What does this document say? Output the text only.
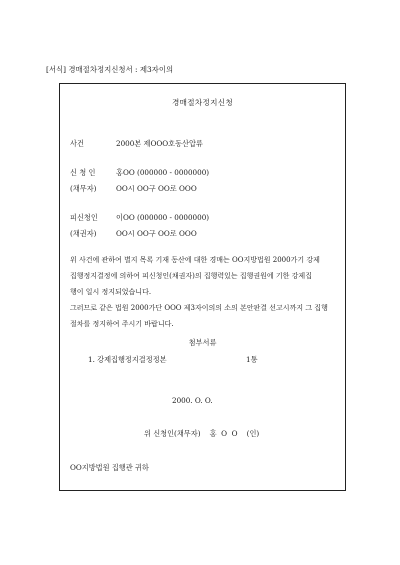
[서식] 경매절차정지신청서 : 제3자이의
경매절차정지신청
사건	2000본 제OOO호동산압류
신 청 인	홍OO (000000 - 0000000)
(채무자)	OO시 OO구 OO로 OOO
피신청인	이OO (000000 - 0000000)
(채권자)	OO시 OO구 OO로 OOO
위 사건에 관하여 별지 목록 기재 동산에 대한 경매는 OO지방법원 2000가기 강제
집행정지결정에 의하여 피신청인(채권자)의 집행력있는 집행권원에 기한 강제집
행이 일시 정지되었습니다.
그러므로 같은 법원 2000가단 OOO 제3자이의의 소의 본안판결 선고시까지 그 집행
절차를 정지하여 주시기 바랍니다.
첨부서류
1. 강제집행정지결정정본	1통
2000. O. O.
위 신청인(채무자)    홍  O  O    (인)
OO지방법원 집행관 귀하
